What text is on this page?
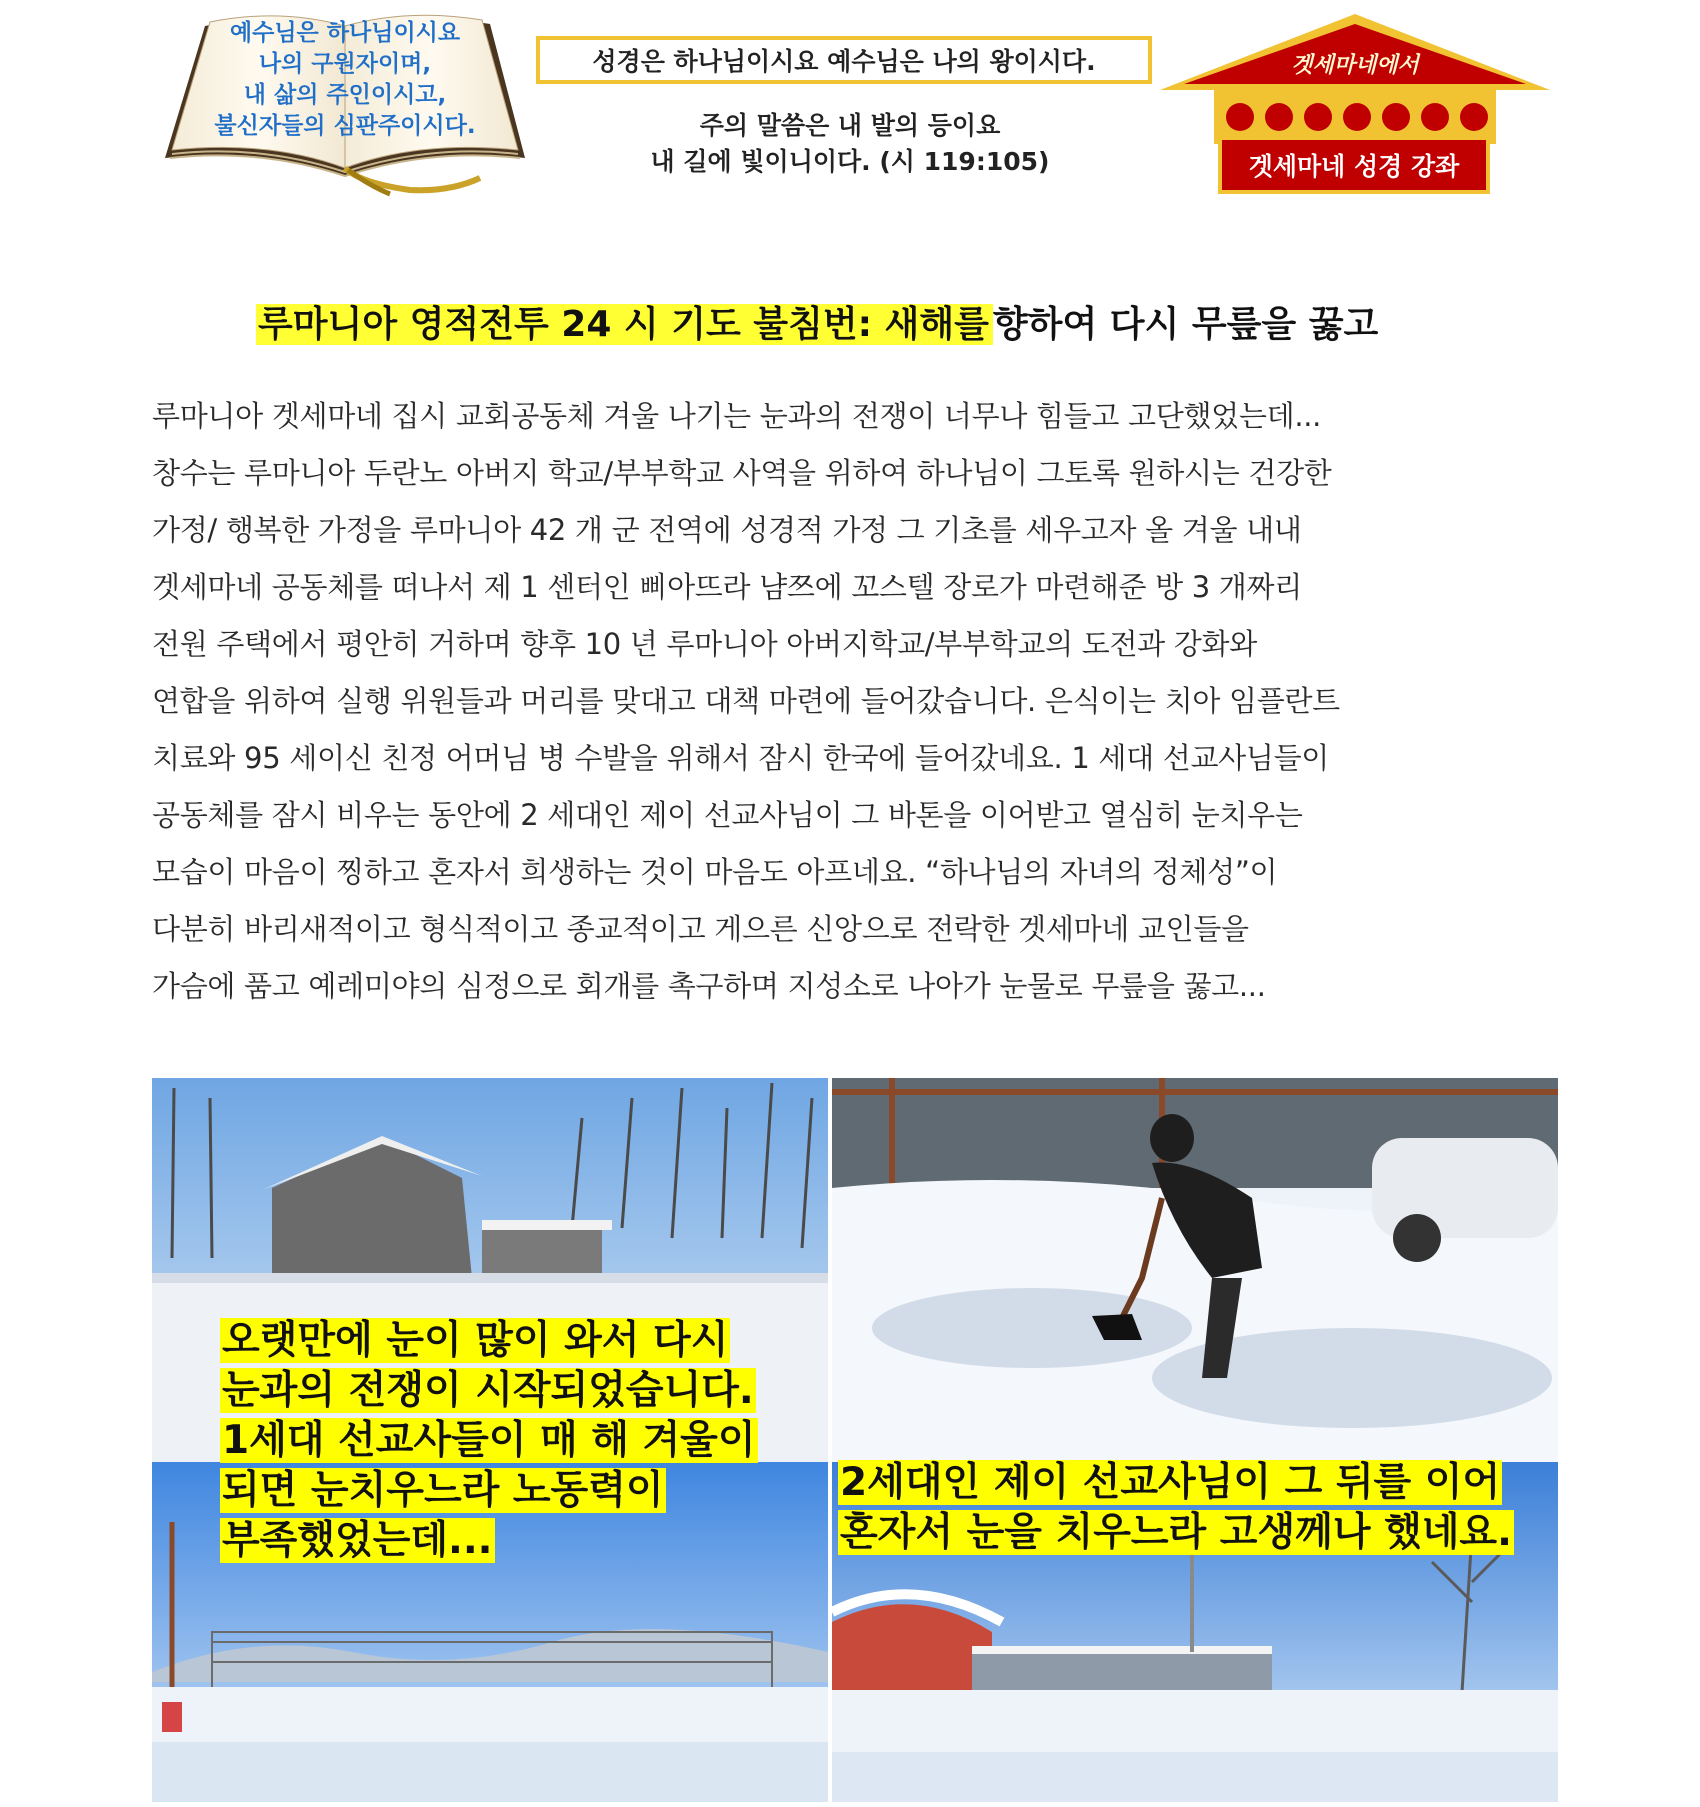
예수님은 하나님이시요
나의 구원자이며,
내 삶의 주인이시고,
불신자들의 심판주이시다.
성경은 하나님이시요 예수님은 나의 왕이시다.
주의 말씀은 내 발의 등이요
내 길에 빛이니이다. (시 119:105)
겟세마네에서
겟세마네 성경 강좌
루마니아 영적전투 24 시 기도 불침번: 새해를 향하여 다시 무릎을 꿇고
루마니아 겟세마네 집시 교회공동체 겨울 나기는 눈과의 전쟁이 너무나 힘들고 고단했었는데...
창수는 루마니아 두란노 아버지 학교/부부학교 사역을 위하여 하나님이 그토록 원하시는 건강한
가정/ 행복한 가정을 루마니아 42 개 군 전역에 성경적 가정 그 기초를 세우고자 올 겨울 내내
겟세마네 공동체를 떠나서 제 1 센터인 삐아뜨라 냠쯔에 꼬스텔 장로가 마련해준 방 3 개짜리
전원 주택에서 평안히 거하며 향후 10 년 루마니아 아버지학교/부부학교의 도전과 강화와
연합을 위하여 실행 위원들과 머리를 맞대고 대책 마련에 들어갔습니다. 은식이는 치아 임플란트
치료와 95 세이신 친정 어머님 병 수발을 위해서 잠시 한국에 들어갔네요. 1 세대 선교사님들이
공동체를 잠시 비우는 동안에 2 세대인 제이 선교사님이 그 바톤을 이어받고 열심히 눈치우는
모습이 마음이 찡하고 혼자서 희생하는 것이 마음도 아프네요. “하나님의 자녀의 정체성”이
다분히 바리새적이고 형식적이고 종교적이고 게으른 신앙으로 전락한 겟세마네 교인들을
가슴에 품고 예레미야의 심정으로 회개를 촉구하며 지성소로 나아가 눈물로 무릎을 꿇고...
오랫만에 눈이 많이 와서 다시
눈과의 전쟁이 시작되었습니다.
1세대 선교사들이 매 해 겨울이
되면 눈치우느라 노동력이
부족했었는데...
2세대인 제이 선교사님이 그 뒤를 이어
혼자서 눈을 치우느라 고생께나 했네요.
